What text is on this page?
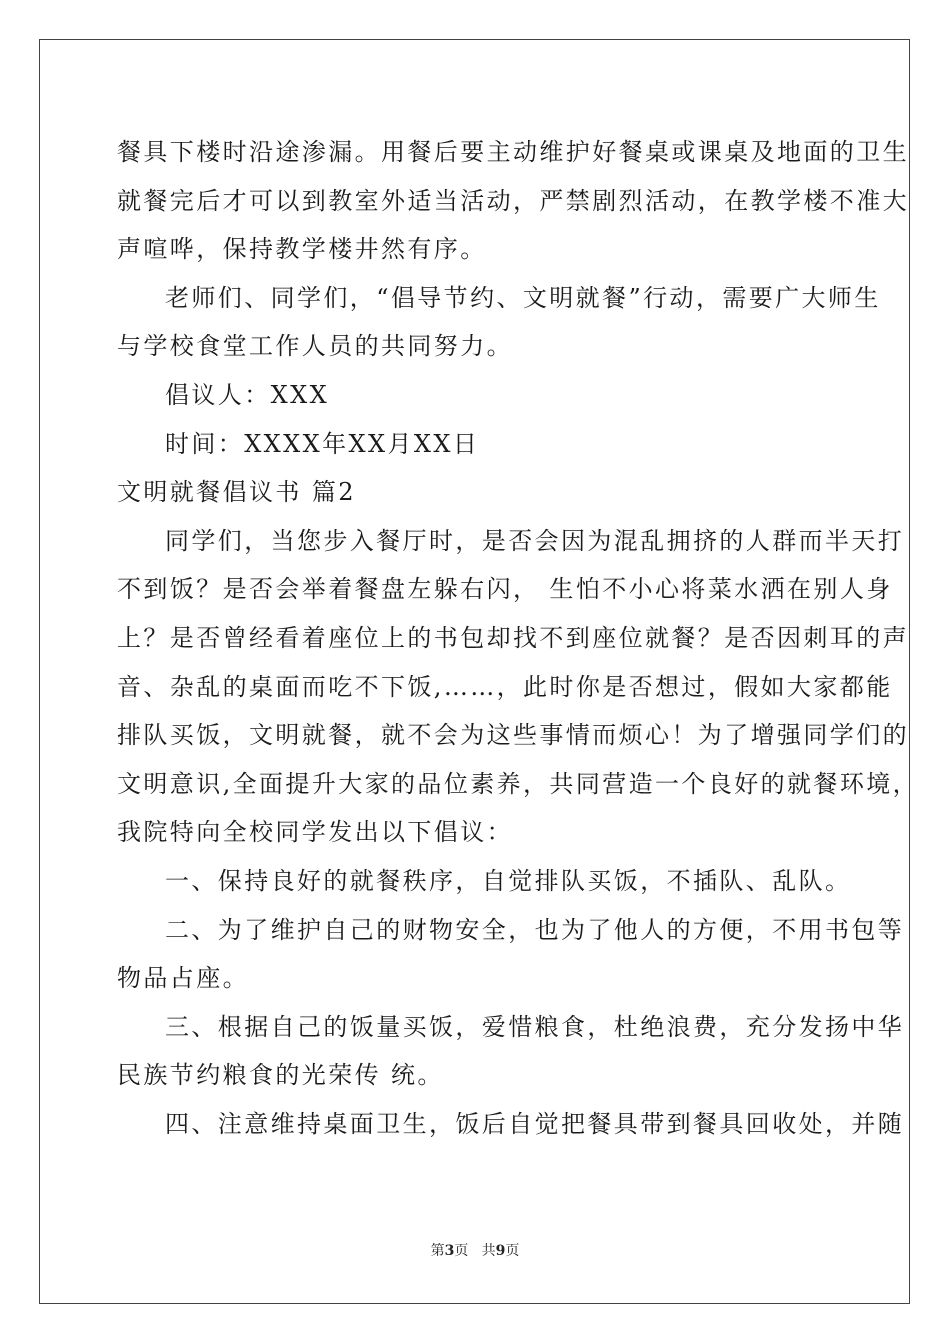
餐具下楼时沿途渗漏。用餐后要主动维护好餐桌或课桌及地面的卫生
就餐完后才可以到教室外适当活动，严禁剧烈活动，在教学楼不准大
声喧哗，保持教学楼井然有序。
老师们、同学们，“倡导节约、文明就餐”行动，需要广大师生
与学校食堂工作人员的共同努力。
倡议人：XXX
时间：XXXX年XX月XX日
文明就餐倡议书 篇2
同学们，当您步入餐厅时，是否会因为混乱拥挤的人群而半天打
不到饭？是否会举着餐盘左躲右闪， 生怕不小心将菜水洒在别人身
上？是否曾经看着座位上的书包却找不到座位就餐？是否因刺耳的声
音、杂乱的桌面而吃不下饭,……，此时你是否想过，假如大家都能
排队买饭，文明就餐，就不会为这些事情而烦心！为了增强同学们的
文明意识,全面提升大家的品位素养，共同营造一个良好的就餐环境，
我院特向全校同学发出以下倡议：
一、保持良好的就餐秩序，自觉排队买饭，不插队、乱队。
二、为了维护自己的财物安全，也为了他人的方便，不用书包等
物品占座。
三、根据自己的饭量买饭，爱惜粮食，杜绝浪费，充分发扬中华
民族节约粮食的光荣传 统。
四、注意维持桌面卫生，饭后自觉把餐具带到餐具回收处，并随
第3页 共9页
